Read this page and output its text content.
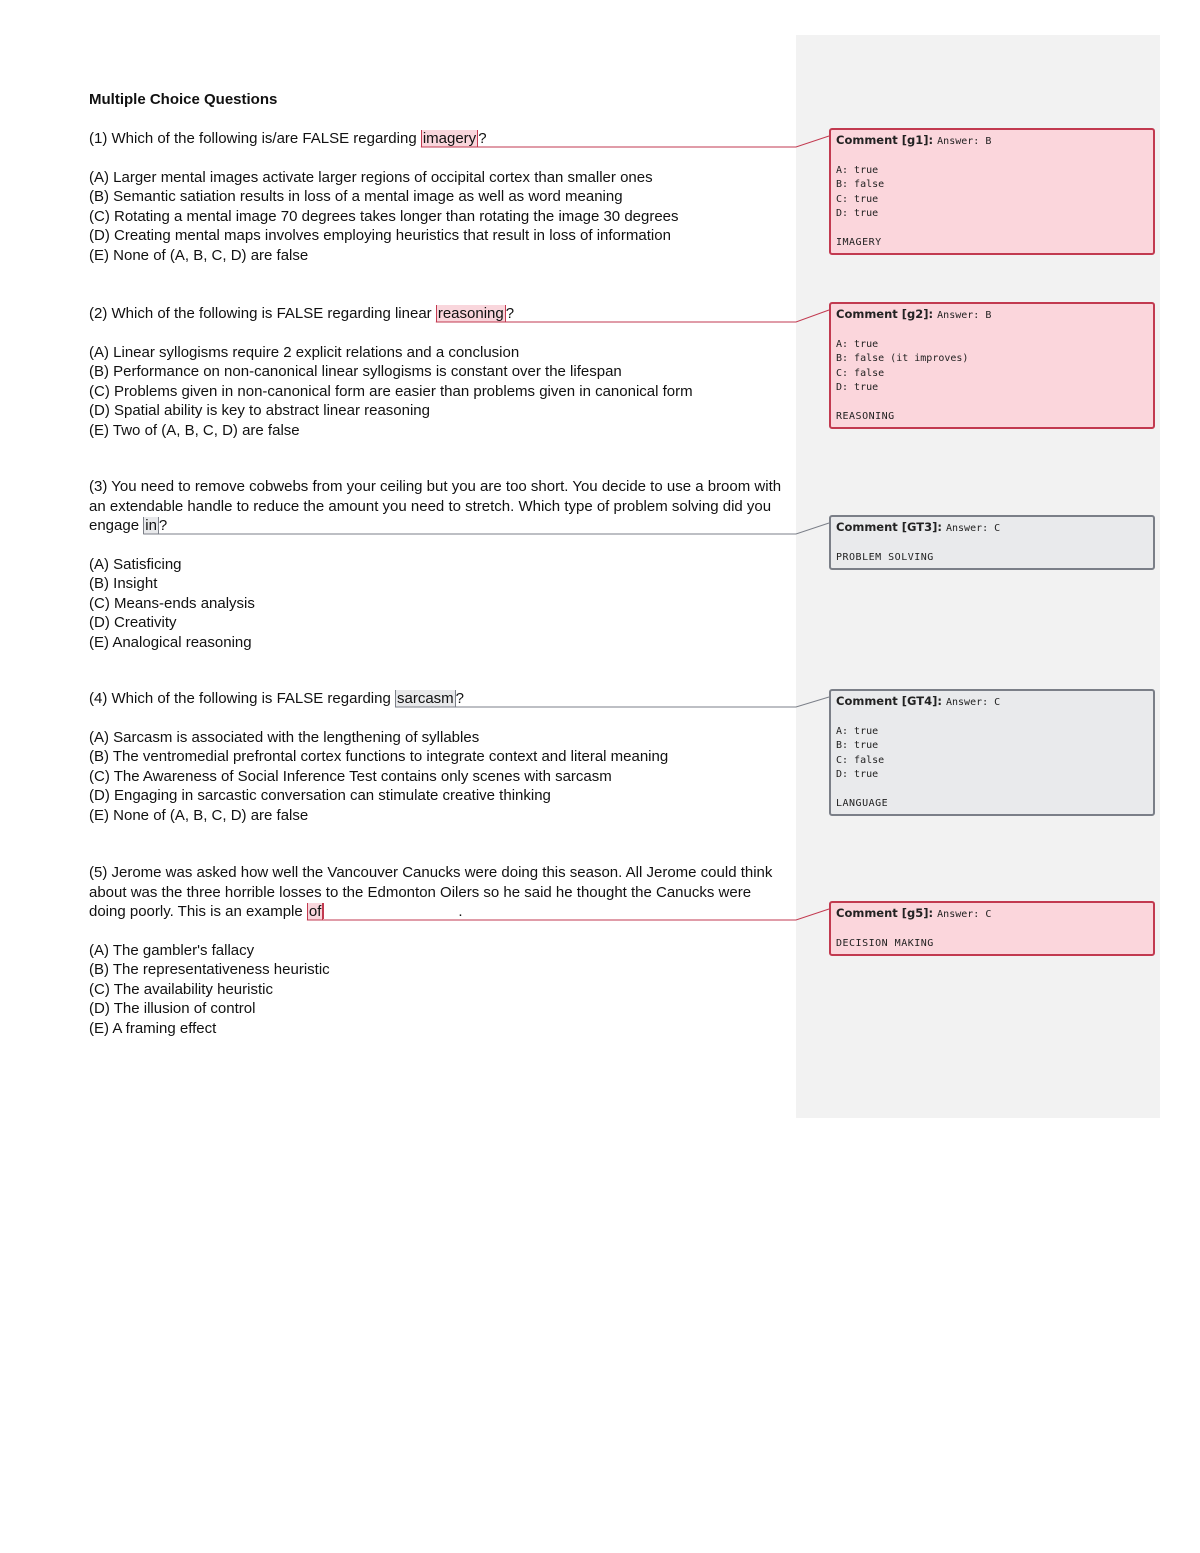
Multiple Choice Questions
(1) Which of the following is/are FALSE regarding imagery ?
(A) Larger mental images activate larger regions of occipital cortex than smaller ones
(B) Semantic satiation results in loss of a mental image as well as word meaning
(C) Rotating a mental image 70 degrees takes longer than rotating the image 30 degrees
(D) Creating mental maps involves employing heuristics that result in loss of information
(E) None of (A, B, C, D) are false
(2) Which of the following is FALSE regarding linear reasoning ?
(A) Linear syllogisms require 2 explicit relations and a conclusion
(B) Performance on non-canonical linear syllogisms is constant over the lifespan
(C) Problems given in non-canonical form are easier than problems given in canonical form
(D) Spatial ability is key to abstract linear reasoning
(E) Two of (A, B, C, D) are false
(3) You need to remove cobwebs from your ceiling but you are too short. You decide to use a broom with an extendable handle to reduce the amount you need to stretch. Which type of problem solving did you engage in ?
(A) Satisficing
(B) Insight
(C) Means-ends analysis
(D) Creativity
(E) Analogical reasoning
(4) Which of the following is FALSE regarding sarcasm ?
(A) Sarcasm is associated with the lengthening of syllables
(B) The ventromedial prefrontal cortex functions to integrate context and literal meaning
(C) The Awareness of Social Inference Test contains only scenes with sarcasm
(D) Engaging in sarcastic conversation can stimulate creative thinking
(E) None of (A, B, C, D) are false
(5) Jerome was asked how well the Vancouver Canucks were doing this season. All Jerome could think about was the three horrible losses to the Edmonton Oilers so he said he thought the Canucks were doing poorly. This is an example of	.
(A) The gambler's fallacy
(B) The representativeness heuristic
(C) The availability heuristic
(D) The illusion of control
(E) A framing effect
Comment [g1]: Answer: B
A: true
B: false
C: true
D: true
IMAGERY
Comment [g2]: Answer: B
A: true
B: false (it improves)
C: false
D: true
REASONING
Comment [GT3]: Answer: C
PROBLEM SOLVING
Comment [GT4]: Answer: C
A: true
B: true
C: false
D: true
LANGUAGE
Comment [g5]: Answer: C
DECISION MAKING
